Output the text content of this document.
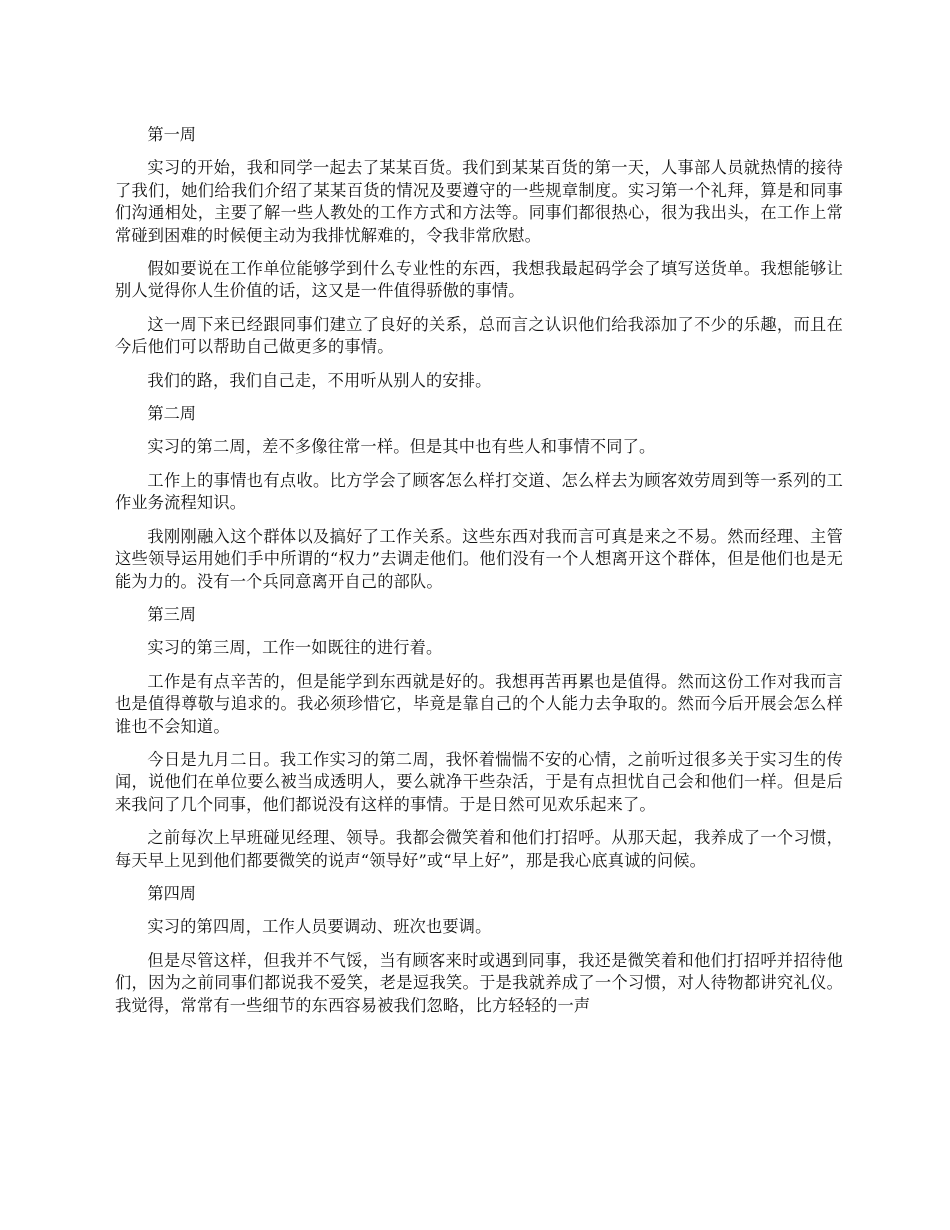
第一周

实习的开始，我和同学一起去了某某百货。我们到某某百货的第一天，人事部人员就热情的接待了我们，她们给我们介绍了某某百货的情况及要遵守的一些规章制度。实习第一个礼拜，算是和同事们沟通相处，主要了解一些人教处的工作方式和方法等。同事们都很热心，很为我出头，在工作上常常碰到困难的时候便主动为我排忧解难的，令我非常欣慰。

假如要说在工作单位能够学到什么专业性的东西，我想我最起码学会了填写送货单。我想能够让别人觉得你人生价值的话，这又是一件值得骄傲的事情。

这一周下来已经跟同事们建立了良好的关系，总而言之认识他们给我添加了不少的乐趣，而且在今后他们可以帮助自己做更多的事情。

我们的路，我们自己走，不用听从别人的安排。

第二周

实习的第二周，差不多像往常一样。但是其中也有些人和事情不同了。

工作上的事情也有点收。比方学会了顾客怎么样打交道、怎么样去为顾客效劳周到等一系列的工作业务流程知识。

我刚刚融入这个群体以及搞好了工作关系。这些东西对我而言可真是来之不易。然而经理、主管这些领导运用她们手中所谓的“权力”去调走他们。他们没有一个人想离开这个群体，但是他们也是无能为力的。没有一个兵同意离开自己的部队。

第三周

实习的第三周，工作一如既往的进行着。

工作是有点辛苦的，但是能学到东西就是好的。我想再苦再累也是值得。然而这份工作对我而言也是值得尊敬与追求的。我必须珍惜它，毕竟是靠自己的个人能力去争取的。然而今后开展会怎么样谁也不会知道。

今日是九月二日。我工作实习的第二周，我怀着惴惴不安的心情，之前听过很多关于实习生的传闻，说他们在单位要么被当成透明人，要么就净干些杂活，于是有点担忧自己会和他们一样。但是后来我问了几个同事，他们都说没有这样的事情。于是日然可见欢乐起来了。

之前每次上早班碰见经理、领导。我都会微笑着和他们打招呼。从那天起，我养成了一个习惯，每天早上见到他们都要微笑的说声“领导好”或“早上好”，那是我心底真诚的问候。

第四周

实习的第四周，工作人员要调动、班次也要调。

但是尽管这样，但我并不气馁，当有顾客来时或遇到同事，我还是微笑着和他们打招呼并招待他们，因为之前同事们都说我不爱笑，老是逗我笑。于是我就养成了一个习惯，对人待物都讲究礼仪。我觉得，常常有一些细节的东西容易被我们忽略，比方轻轻的一声
